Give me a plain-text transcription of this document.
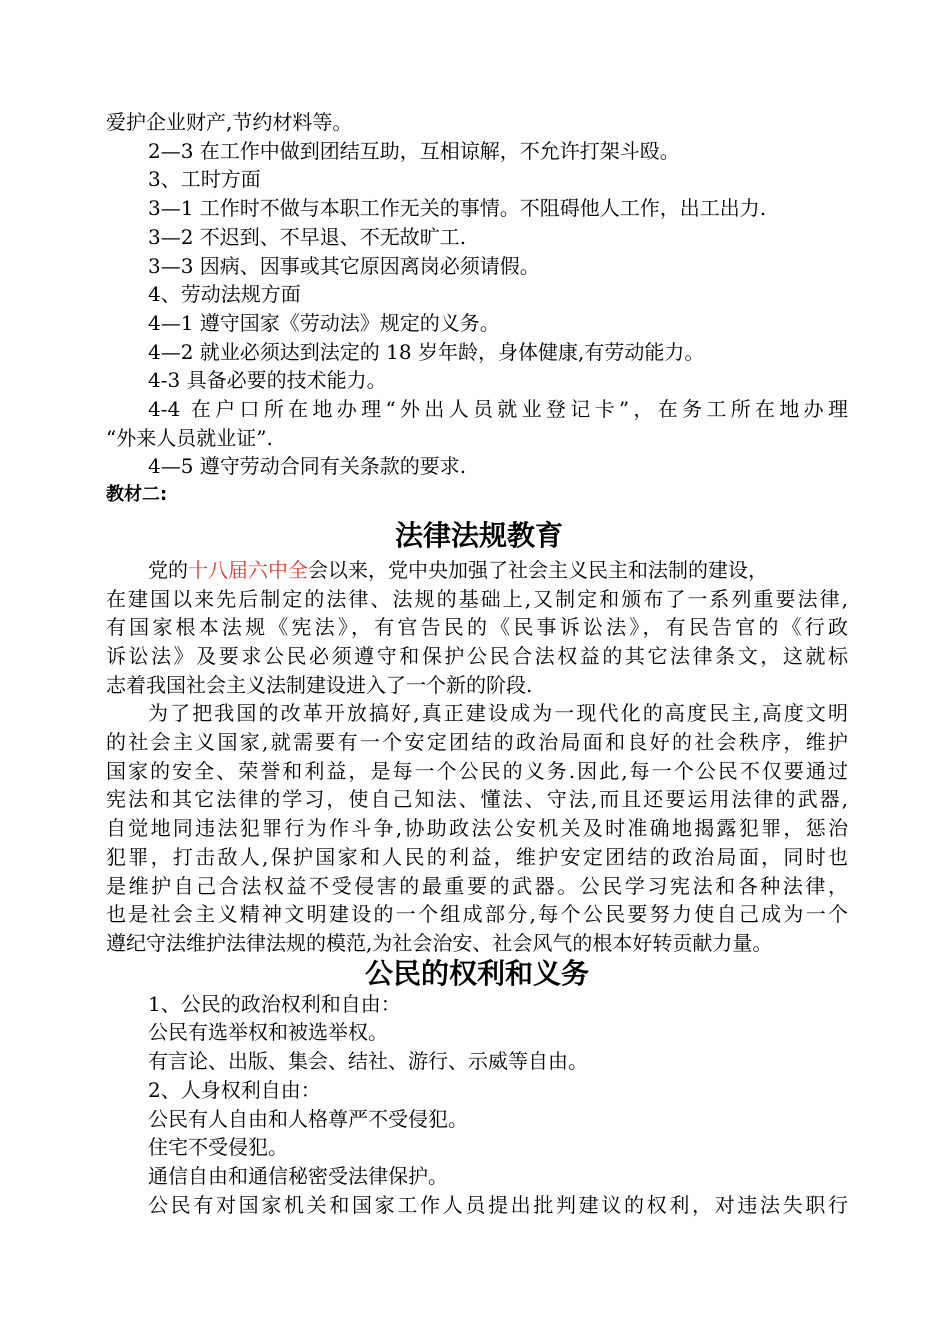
爱护企业财产,节约材料等。
2—3 在工作中做到团结互助，互相谅解，不允许打架斗殴。
3、工时方面
3—1 工作时不做与本职工作无关的事情。不阻碍他人工作，出工出力.
3—2 不迟到、不早退、不无故旷工.
3—3 因病、因事或其它原因离岗必须请假。
4、劳动法规方面
4—1 遵守国家《劳动法》规定的义务。
4—2 就业必须达到法定的 18 岁年龄，身体健康,有劳动能力。
4-3 具备必要的技术能力。
4-4 在户口所在地办理“外出人员就业登记卡”，在务工所在地办理
“外来人员就业证”.
4—5 遵守劳动合同有关条款的要求.
教材二:
法律法规教育
党的十八届六中全会以来，党中央加强了社会主义民主和法制的建设，
在建国以来先后制定的法律、法规的基础上,又制定和颁布了一系列重要法律,
有国家根本法规《宪法》，有官告民的《民事诉讼法》，有民告官的《行政
诉讼法》及要求公民必须遵守和保护公民合法权益的其它法律条文，这就标
志着我国社会主义法制建设进入了一个新的阶段.
为了把我国的改革开放搞好,真正建设成为一现代化的高度民主,高度文明
的社会主义国家,就需要有一个安定团结的政治局面和良好的社会秩序，维护
国家的安全、荣誉和利益，是每一个公民的义务.因此,每一个公民不仅要通过
宪法和其它法律的学习，使自己知法、懂法、守法,而且还要运用法律的武器,
自觉地同违法犯罪行为作斗争,协助政法公安机关及时准确地揭露犯罪，惩治
犯罪，打击敌人,保护国家和人民的利益，维护安定团结的政治局面，同时也
是维护自己合法权益不受侵害的最重要的武器。公民学习宪法和各种法律，
也是社会主义精神文明建设的一个组成部分,每个公民要努力使自己成为一个
遵纪守法维护法律法规的模范,为社会治安、社会风气的根本好转贡献力量。
公民的权利和义务
1、公民的政治权利和自由：
公民有选举权和被选举权。
有言论、出版、集会、结社、游行、示威等自由。
2、人身权利自由：
公民有人自由和人格尊严不受侵犯。
住宅不受侵犯。
通信自由和通信秘密受法律保护。
公民有对国家机关和国家工作人员提出批判建议的权利，对违法失职行
